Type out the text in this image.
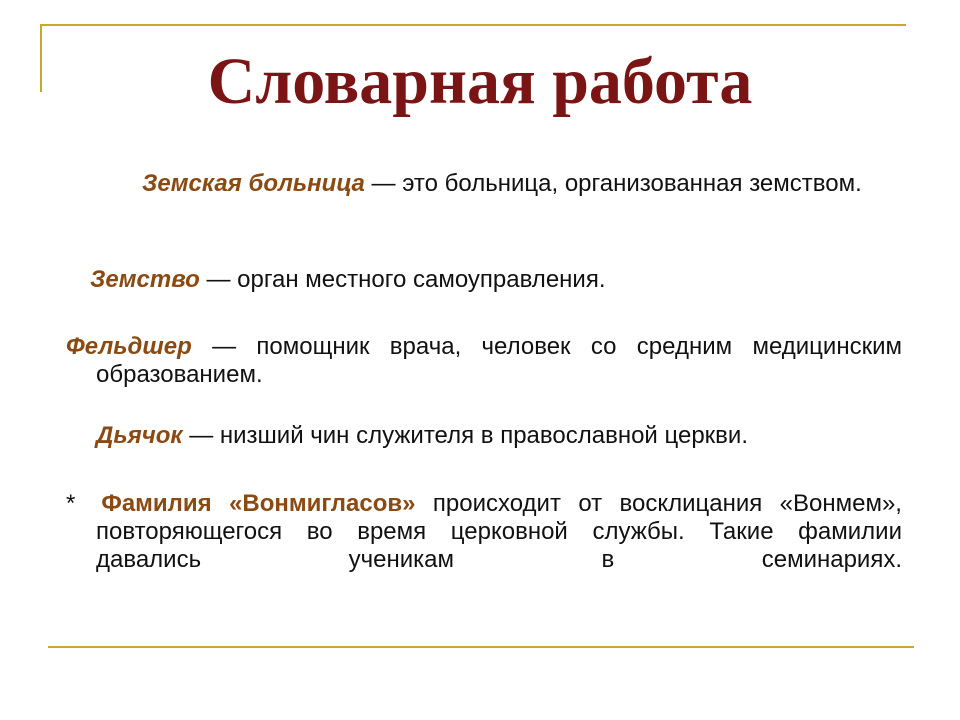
Словарная работа
Земская больница — это больница, организованная земством.
Земство — орган местного самоуправления.
Фельдшер — помощник врача, человек со средним медицинским образованием.
Дьячок — низший чин служителя в православной церкви.
* Фамилия «Вонмигласов» происходит от восклицания «Вонмем», повторяющегося во время церковной службы. Такие фамилии давались ученикам в семинариях.
